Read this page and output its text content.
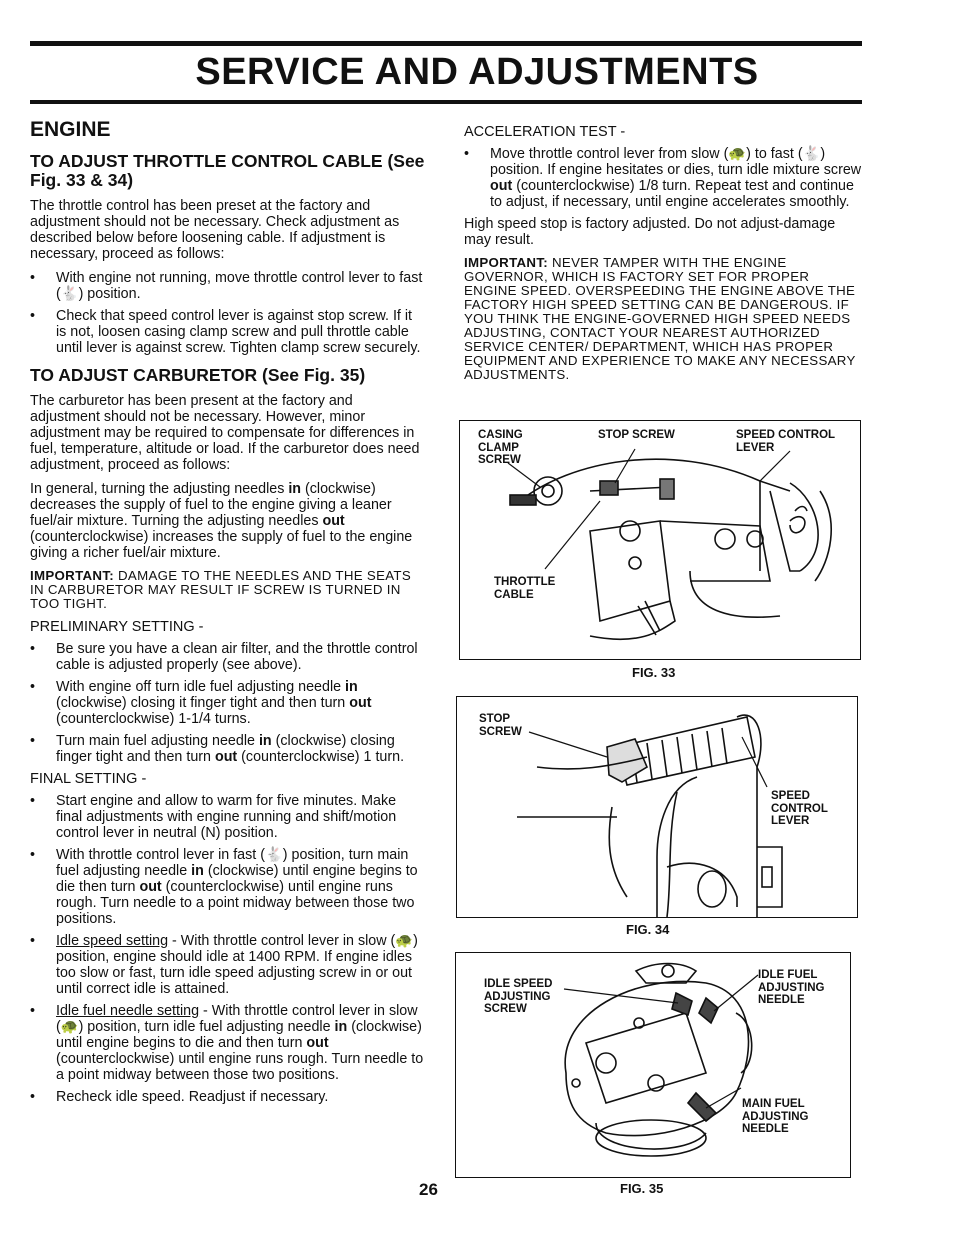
SERVICE AND ADJUSTMENTS
ENGINE
TO ADJUST THROTTLE CONTROL CABLE (See Fig. 33 & 34)

The throttle control has been preset at the factory and adjustment should not be necessary. Check adjustment as described below before loosening cable. If adjustment is necessary, proceed as follows:

• With engine not running, move throttle control lever to fast (🐇) position.
• Check that speed control lever is against stop screw. If it is not, loosen casing clamp screw and pull throttle cable until lever is against screw. Tighten clamp screw securely.
TO ADJUST CARBURETOR (See Fig. 35)

The carburetor has been present at the factory and adjustment should not be necessary. However, minor adjustment may be required to compensate for differences in fuel, temperature, altitude or load. If the carburetor does need adjustment, proceed as follows:

In general, turning the adjusting needles in (clockwise) decreases the supply of fuel to the engine giving a leaner fuel/air mixture. Turning the adjusting needles out (counterclockwise) increases the supply of fuel to the engine giving a richer fuel/air mixture.

IMPORTANT: DAMAGE TO THE NEEDLES AND THE SEATS IN CARBURETOR MAY RESULT IF SCREW IS TURNED IN TOO TIGHT.

PRELIMINARY SETTING -
• Be sure you have a clean air filter, and the throttle control cable is adjusted properly (see above).
• With engine off turn idle fuel adjusting needle in (clockwise) closing it finger tight and then turn out (counterclockwise) 1-1/4 turns.
• Turn main fuel adjusting needle in (clockwise) closing finger tight and then turn out (counterclockwise) 1 turn.
FINAL SETTING -
• Start engine and allow to warm for five minutes. Make final adjustments with engine running and shift/motion control lever in neutral (N) position.
• With throttle control lever in fast (🐇) position, turn main fuel adjusting needle in (clockwise) until engine begins to die then turn out (counterclockwise) until engine runs rough. Turn needle to a point midway between those two positions.
• Idle speed setting - With throttle control lever in slow (🐢) position, engine should idle at 1400 RPM. If engine idles too slow or fast, turn idle speed adjusting screw in or out until correct idle is attained.
• Idle fuel needle setting - With throttle control lever in slow (🐢) position, turn idle fuel adjusting needle in (clockwise) until engine begins to die and then turn out (counterclockwise) until engine runs rough. Turn needle to a point midway between those two positions.
• Recheck idle speed. Readjust if necessary.
ACCELERATION TEST -
• Move throttle control lever from slow (🐢) to fast (🐇) position. If engine hesitates or dies, turn idle mixture screw out (counterclockwise) 1/8 turn. Repeat test and continue to adjust, if necessary, until engine accelerates smoothly.

High speed stop is factory adjusted. Do not adjust-damage may result.

IMPORTANT: NEVER TAMPER WITH THE ENGINE GOVERNOR, WHICH IS FACTORY SET FOR PROPER ENGINE SPEED. OVERSPEEDING THE ENGINE ABOVE THE FACTORY HIGH SPEED SETTING CAN BE DANGEROUS. IF YOU THINK THE ENGINE-GOVERNED HIGH SPEED NEEDS ADJUSTING, CONTACT YOUR NEAREST AUTHORIZED SERVICE CENTER/ DEPARTMENT, WHICH HAS PROPER EQUIPMENT AND EXPERIENCE TO MAKE ANY NECESSARY ADJUSTMENTS.

CASING
CLAMP
SCREW
STOP SCREW	SPEED CONTROL
LEVER
THROTTLE
CABLE
FIG. 33
STOP
SCREW
SPEED
CONTROL
LEVER
FIG. 34
IDLE SPEED
ADJUSTING
SCREW
IDLE FUEL
ADJUSTING
NEEDLE
MAIN FUEL
ADJUSTING
NEEDLE
FIG. 35
26
